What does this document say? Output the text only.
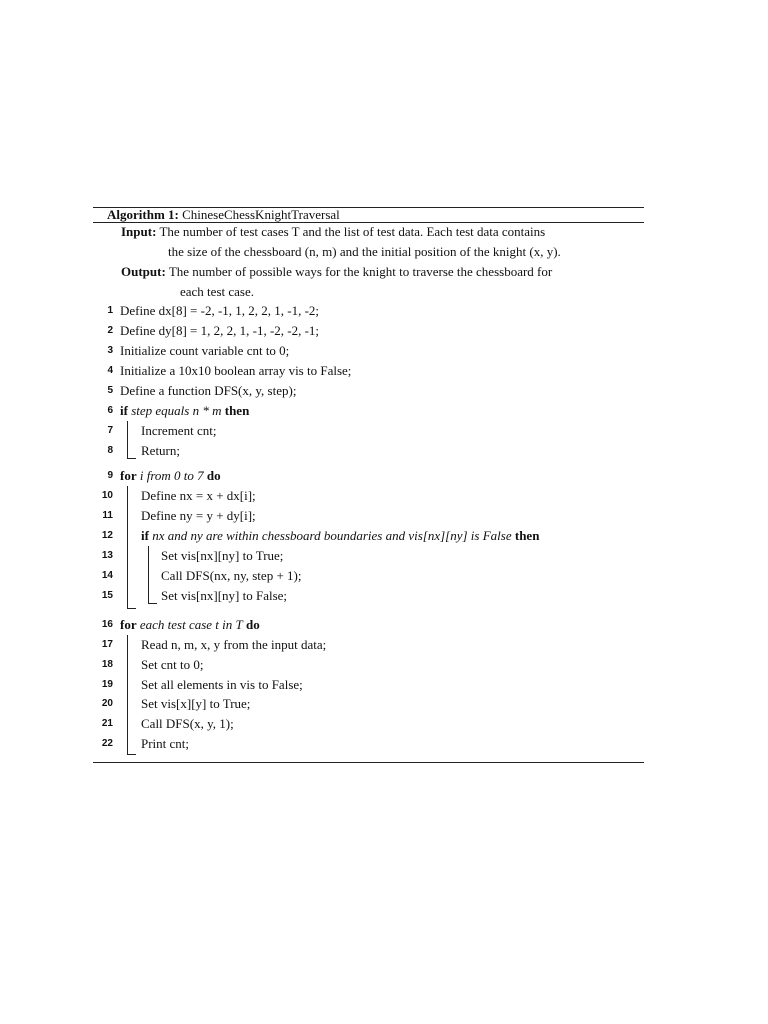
Algorithm 1: ChineseChessKnightTraversal
Input: The number of test cases T and the list of test data. Each test data contains
the size of the chessboard (n, m) and the initial position of the knight (x, y).
Output: The number of possible ways for the knight to traverse the chessboard for
each test case.
1 Define dx[8] = -2, -1, 1, 2, 2, 1, -1, -2;
2 Define dy[8] = 1, 2, 2, 1, -1, -2, -2, -1;
3 Initialize count variable cnt to 0;
4 Initialize a 10x10 boolean array vis to False;
5 Define a function DFS(x, y, step);
6 if step equals n * m then
7 Increment cnt;
8 Return;
9 for i from 0 to 7 do
10 Define nx = x + dx[i];
11 Define ny = y + dy[i];
12 if nx and ny are within chessboard boundaries and vis[nx][ny] is False then
13	Set vis[nx][ny] to True;
14	Call DFS(nx, ny, step + 1);
15	Set vis[nx][ny] to False;
16 for each test case t in T do
17 Read n, m, x, y from the input data;
18 Set cnt to 0;
19 Set all elements in vis to False;
20 Set vis[x][y] to True;
21 Call DFS(x, y, 1);
22 Print cnt;
